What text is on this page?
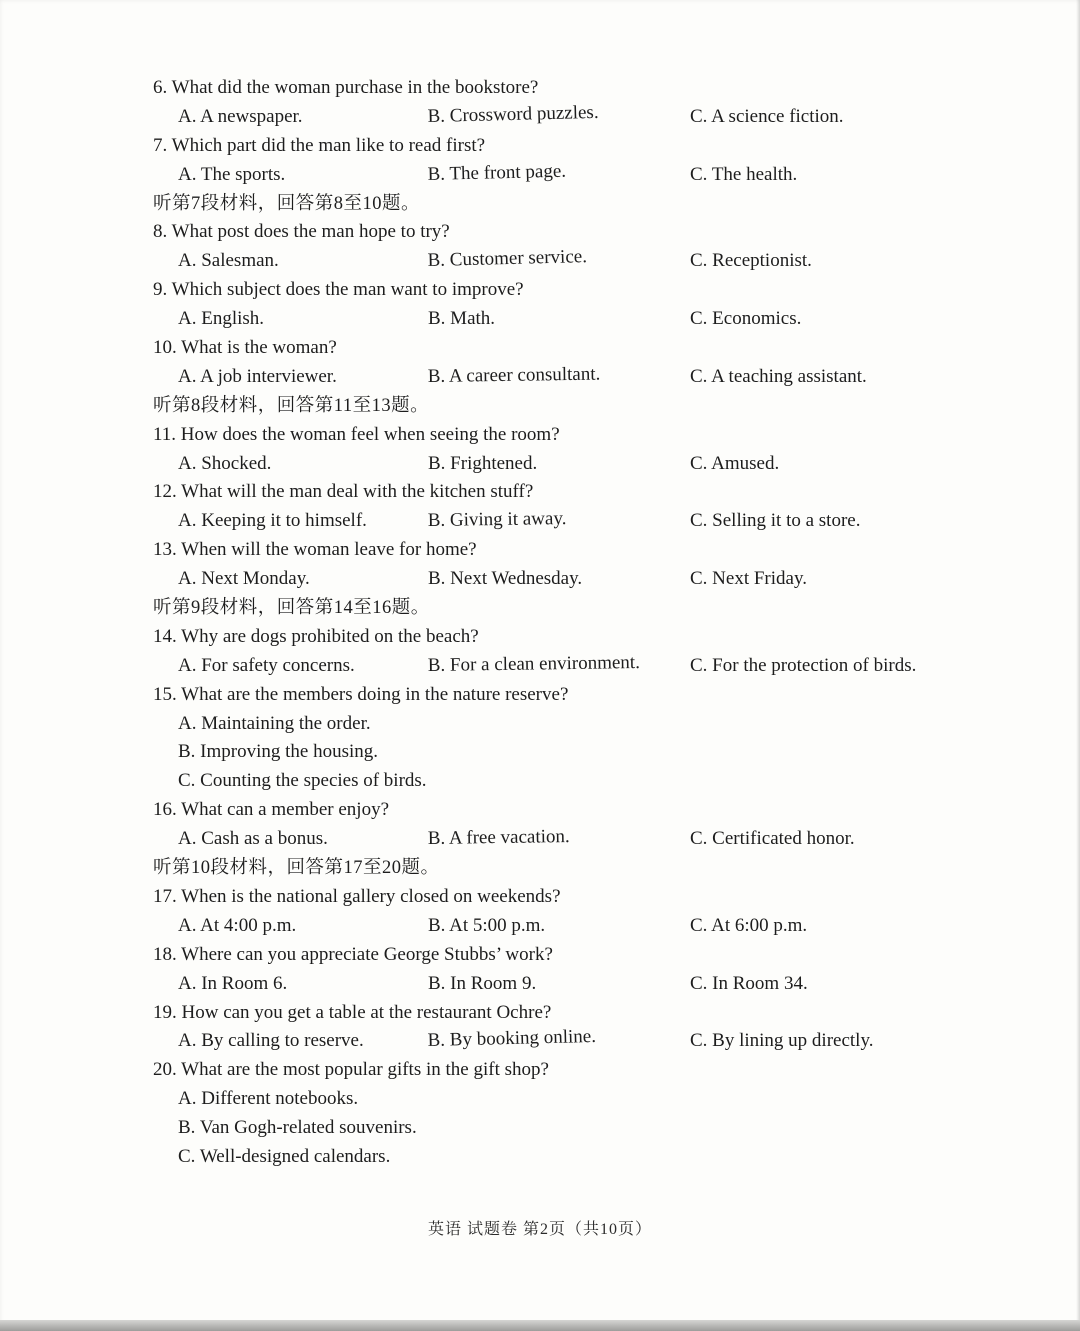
6. What did the woman purchase in the bookstore?
A. A newspaper.	B. Crossword puzzles.	C. A science fiction.
7. Which part did the man like to read first?
A. The sports.	B. The front page.	C. The health.
听第7段材料，回答第8至10题。
8. What post does the man hope to try?
A. Salesman.	B. Customer service.	C. Receptionist.
9. Which subject does the man want to improve?
A. English.	B. Math.	C. Economics.
10. What is the woman?
A. A job interviewer.	B. A career consultant.	C. A teaching assistant.
听第8段材料，回答第11至13题。
11. How does the woman feel when seeing the room?
A. Shocked.	B. Frightened.	C. Amused.
12. What will the man deal with the kitchen stuff?
A. Keeping it to himself.	B. Giving it away.	C. Selling it to a store.
13. When will the woman leave for home?
A. Next Monday.	B. Next Wednesday.	C. Next Friday.
听第9段材料，回答第14至16题。
14. Why are dogs prohibited on the beach?
A. For safety concerns.	B. For a clean environment.	C. For the protection of birds.
15. What are the members doing in the nature reserve?
A. Maintaining the order.
B. Improving the housing.
C. Counting the species of birds.
16. What can a member enjoy?
A. Cash as a bonus.	B. A free vacation.	C. Certificated honor.
听第10段材料，回答第17至20题。
17. When is the national gallery closed on weekends?
A. At 4:00 p.m.	B. At 5:00 p.m.	C. At 6:00 p.m.
18. Where can you appreciate George Stubbs’ work?
A. In Room 6.	B. In Room 9.	C. In Room 34.
19. How can you get a table at the restaurant Ochre?
A. By calling to reserve.	B. By booking online.	C. By lining up directly.
20. What are the most popular gifts in the gift shop?
A. Different notebooks.
B. Van Gogh-related souvenirs.
C. Well-designed calendars.
英语 试题卷 第2页（共10页）
